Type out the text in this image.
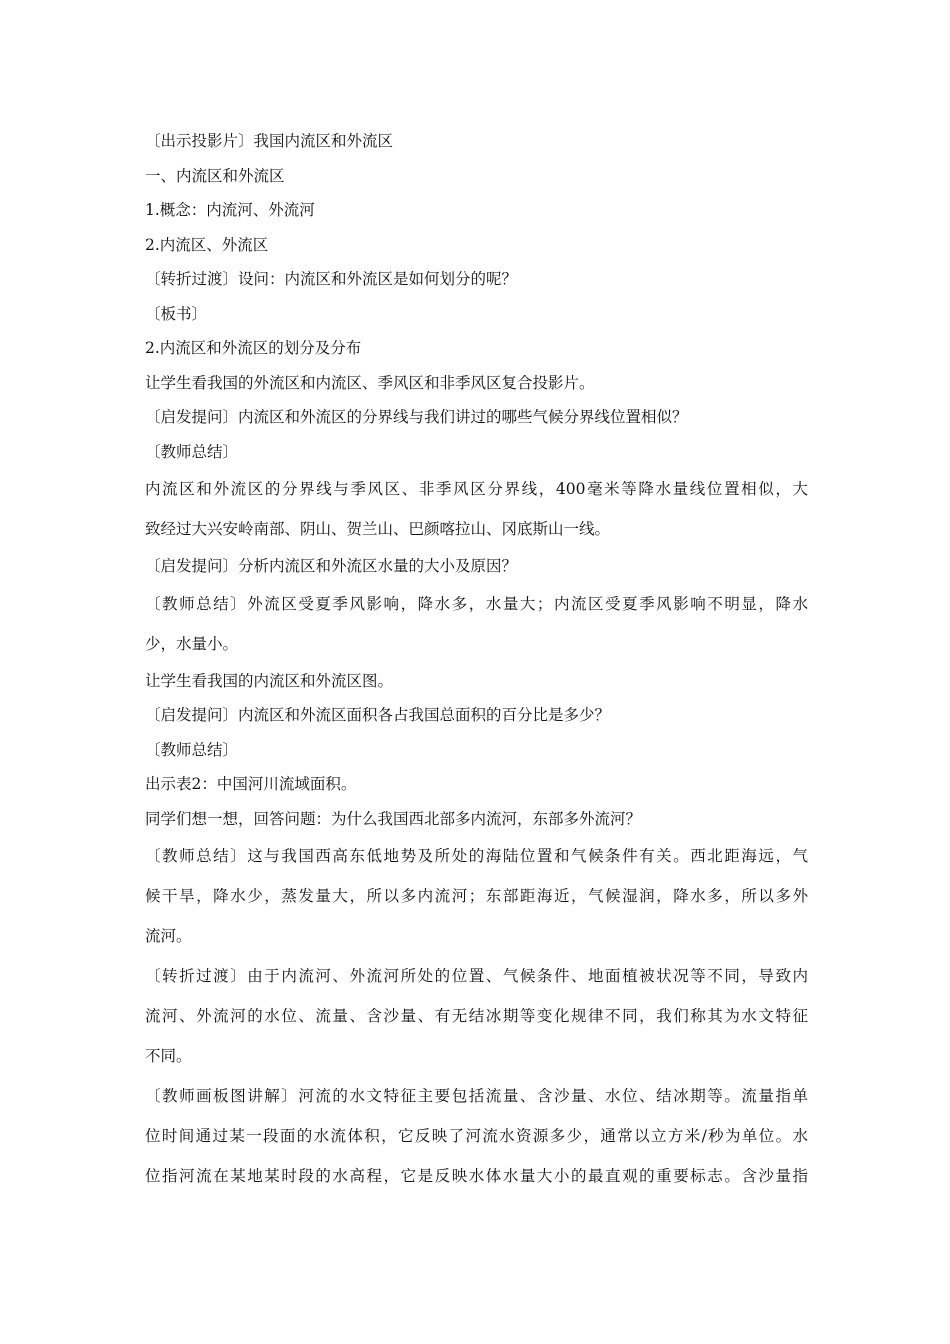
〔出示投影片〕我国内流区和外流区

一、内流区和外流区

1.概念：内流河、外流河

2.内流区、外流区

〔转折过渡〕设问：内流区和外流区是如何划分的呢？

〔板书〕

2.内流区和外流区的划分及分布

让学生看我国的外流区和内流区、季风区和非季风区复合投影片。

〔启发提问〕内流区和外流区的分界线与我们讲过的哪些气候分界线位置相似？

〔教师总结〕

内流区和外流区的分界线与季风区、非季风区分界线，400毫米等降水量线位置相似，大
致经过大兴安岭南部、阴山、贺兰山、巴颜喀拉山、冈底斯山一线。

〔启发提问〕分析内流区和外流区水量的大小及原因？

〔教师总结〕外流区受夏季风影响，降水多，水量大；内流区受夏季风影响不明显，降水
少，水量小。

让学生看我国的内流区和外流区图。

〔启发提问〕内流区和外流区面积各占我国总面积的百分比是多少？

〔教师总结〕

出示表2：中国河川流域面积。

同学们想一想，回答问题：为什么我国西北部多内流河，东部多外流河？

〔教师总结〕这与我国西高东低地势及所处的海陆位置和气候条件有关。西北距海远，气
候干旱，降水少，蒸发量大，所以多内流河；东部距海近，气候湿润，降水多，所以多外
流河。
〔转折过渡〕由于内流河、外流河所处的位置、气候条件、地面植被状况等不同，导致内
流河、外流河的水位、流量、含沙量、有无结冰期等变化规律不同，我们称其为水文特征
不同。
〔教师画板图讲解〕河流的水文特征主要包括流量、含沙量、水位、结冰期等。流量指单
位时间通过某一段面的水流体积，它反映了河流水资源多少，通常以立方米/秒为单位。水
位指河流在某地某时段的水高程，它是反映水体水量大小的最直观的重要标志。含沙量指
